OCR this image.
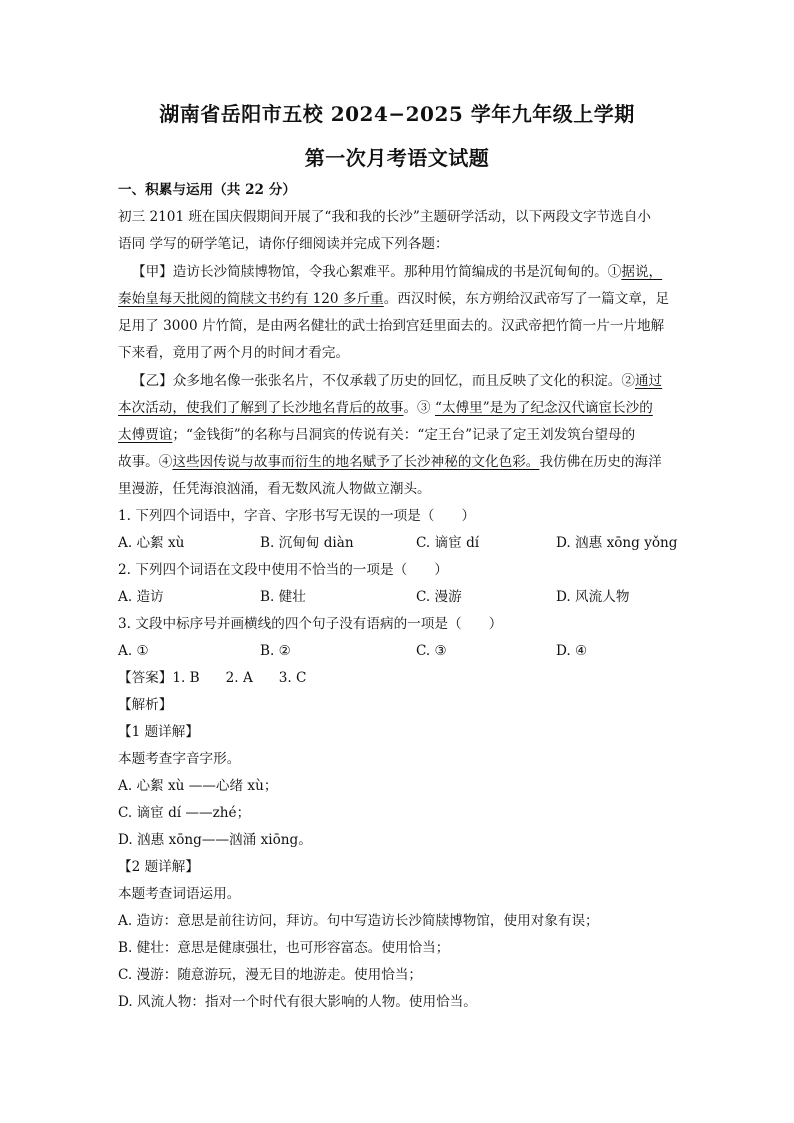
湖南省岳阳市五校 2024−2025 学年九年级上学期
第一次月考语文试题
一、积累与运用（共 22 分）
初三 2101 班在国庆假期间开展了“我和我的长沙”主题研学活动，以下两段文字节选自小
语同 学写的研学笔记，请你仔细阅读并完成下列各题：
【甲】造访长沙简牍博物馆，令我心絮难平。那种用竹简编成的书是沉甸甸的。①据说，
秦始皇每天批阅的简牍文书约有 120 多斤重。西汉时候，东方朔给汉武帝写了一篇文章，足
足用了 3000 片竹简，是由两名健壮的武士抬到宫廷里面去的。汉武帝把竹简一片一片地解
下来看，竟用了两个月的时间才看完。
【乙】众多地名像一张张名片，不仅承载了历史的回忆，而且反映了文化的积淀。②通过
本次活动，使我们了解到了长沙地名背后的故事。③ “太傅里”是为了纪念汉代谪宦长沙的
太傅贾谊；“金钱街”的名称与吕洞宾的传说有关：“定王台”记录了定王刘发筑台望母的
故事。④这些因传说与故事而衍生的地名赋予了长沙神秘的文化色彩。我仿佛在历史的海洋
里漫游，任凭海浪汹涌，看无数风流人物做立潮头。
1. 下列四个词语中，字音、字形书写无误的一项是（　　）
A. 心絮 xù	B. 沉甸甸 diàn	C. 谪宦 dí	D. 汹惠 xōng yǒng
2. 下列四个词语在文段中使用不恰当的一项是（　　）
A. 造访	B. 健壮	C. 漫游	D. 风流人物
3. 文段中标序号并画横线的四个句子没有语病的一项是（　　）
A. ①	B. ②	C. ③	D. ④
【答案】1. B 2. A 3. C
【解析】
【1 题详解】
本题考查字音字形。
A. 心絮 xù ——心绪 xù；
C. 谪宦 dí ——zhé；
D. 汹惠 xōng——汹涌 xiōng。
【2 题详解】
本题考查词语运用。
A. 造访：意思是前往访问，拜访。句中写造访长沙简牍博物馆，使用对象有误；
B. 健壮：意思是健康强壮，也可形容富态。使用恰当；
C. 漫游：随意游玩，漫无目的地游走。使用恰当；
D. 风流人物：指对一个时代有很大影响的人物。使用恰当。
